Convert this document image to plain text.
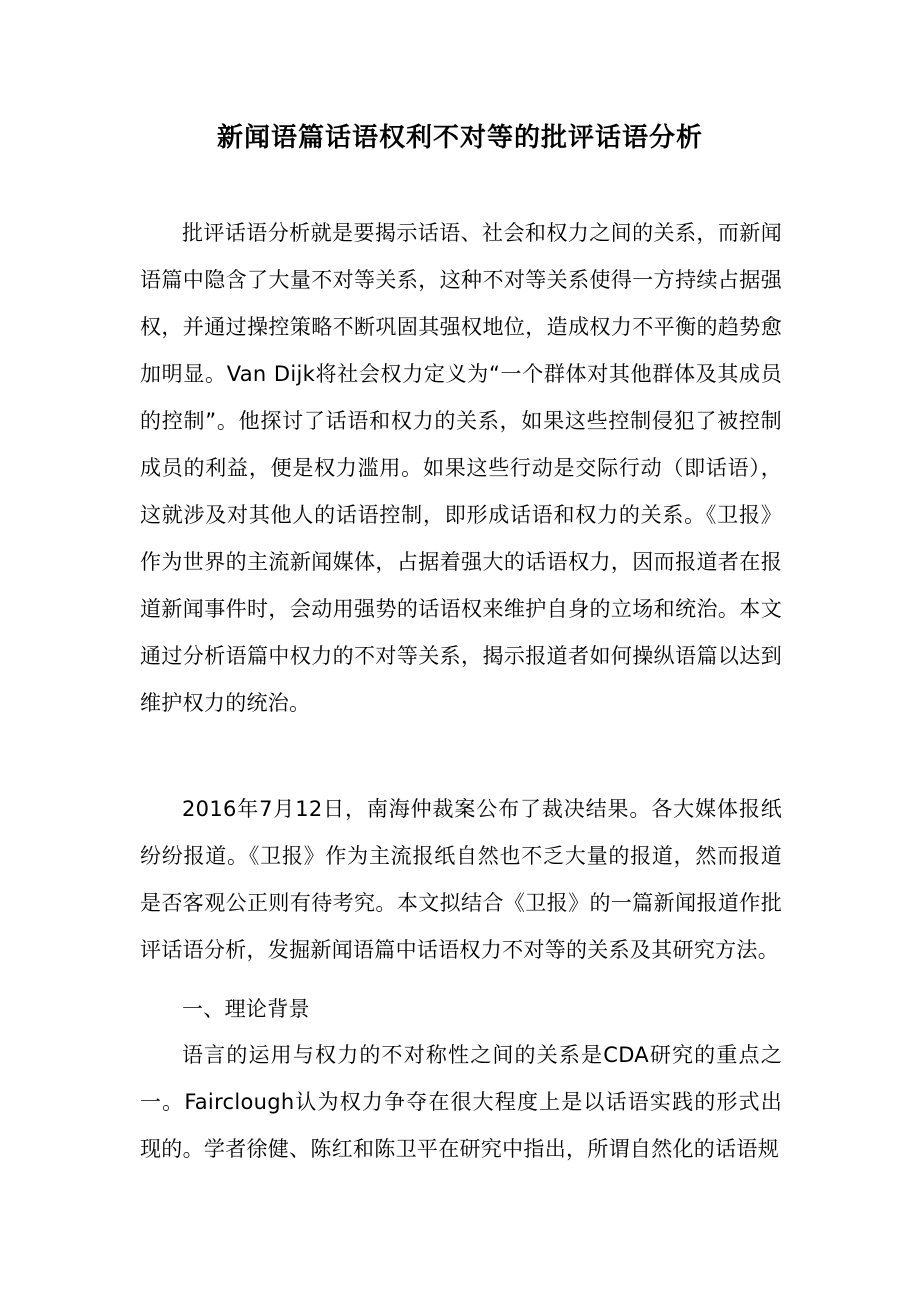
新闻语篇话语权利不对等的批评话语分析

批评话语分析就是要揭示话语、社会和权力之间的关系，而新闻语篇中隐含了大量不对等关系，这种不对等关系使得一方持续占据强权，并通过操控策略不断巩固其强权地位，造成权力不平衡的趋势愈加明显。Van Dijk将社会权力定义为“一个群体对其他群体及其成员的控制”。他探讨了话语和权力的关系，如果这些控制侵犯了被控制成员的利益，便是权力滥用。如果这些行动是交际行动（即话语），这就涉及对其他人的话语控制，即形成话语和权力的关系。《卫报》作为世界的主流新闻媒体，占据着强大的话语权力，因而报道者在报道新闻事件时，会动用强势的话语权来维护自身的立场和统治。本文通过分析语篇中权力的不对等关系，揭示报道者如何操纵语篇以达到维护权力的统治。

2016年7月12日，南海仲裁案公布了裁决结果。各大媒体报纸纷纷报道。《卫报》作为主流报纸自然也不乏大量的报道，然而报道是否客观公正则有待考究。本文拟结合《卫报》的一篇新闻报道作批评话语分析，发掘新闻语篇中话语权力不对等的关系及其研究方法。

一、理论背景

语言的运用与权力的不对称性之间的关系是CDA研究的重点之一。Fairclough认为权力争夺在很大程度上是以话语实践的形式出现的。学者徐健、陈红和陈卫平在研究中指出，所谓自然化的话语规
